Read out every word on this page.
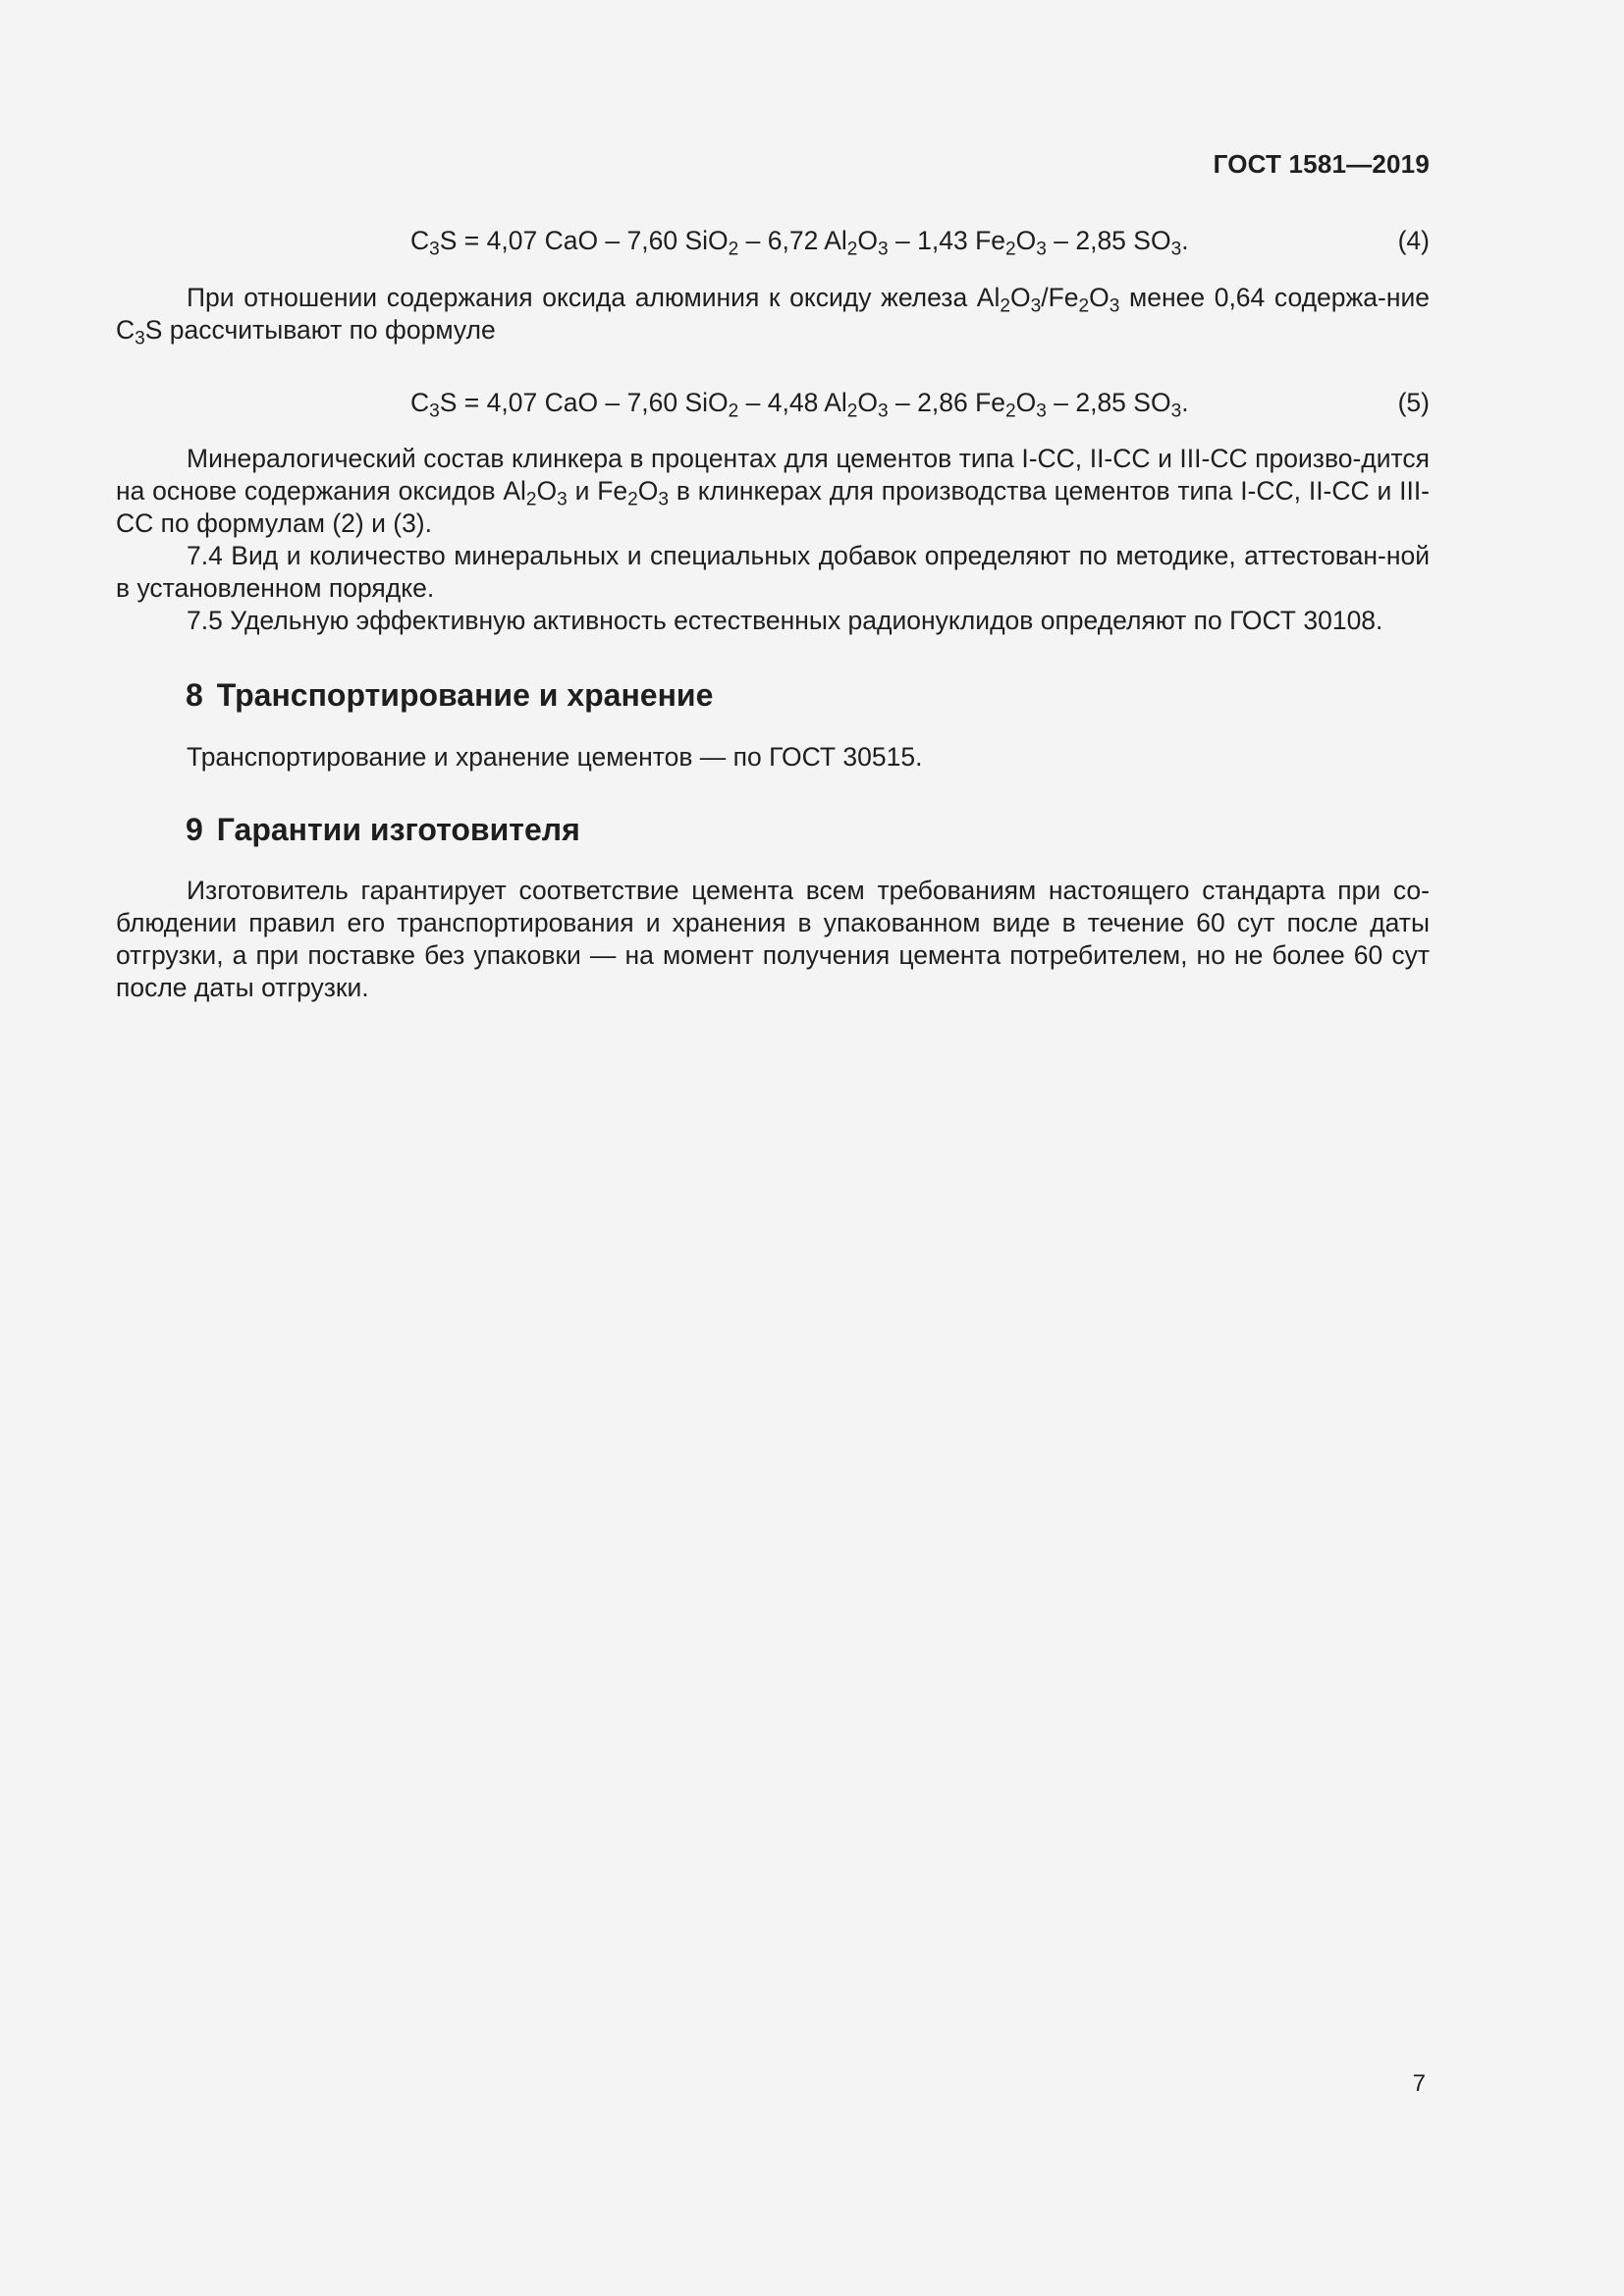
ГОСТ 1581—2019
$C_3S = 4,07$ CaO – 7,60 SiO$_2$ – 6,72 $Al_2O_3 - 1,43$ $Fe_2O_3 - 2,85$ $SO_3$.	(4)

При отношении содержания оксида алюминия к оксиду железа $Al_2O_3/Fe_2O_3$ менее 0,64 содержа-ние $C_3S$ рассчитывают по формуле

$C_3S = 4,07$ CaO – 7,60 SiO$_2$ – 4,48 $Al_2O_3 - 2,86$ $Fe_2O_3 - 2,85$ $SO_3$.	(5)

Минералогический состав клинкера в процентах для цементов типа I-CC, II-CC и III-CC произво-дится на основе содержания оксидов $Al_2O_3$ и $Fe_2O_3$ в клинкерах для производства цементов типа I-CC, II-CC и III-CC по формулам (2) и (3).

7.4 Вид и количество минеральных и специальных добавок определяют по методике, аттестован-ной в установленном порядке.

7.5 Удельную эффективную активность естественных радионуклидов определяют по ГОСТ 30108.

8 Транспортирование и хранение

Транспортирование и хранение цементов — по ГОСТ 30515.

9 Гарантии изготовителя

Изготовитель гарантирует соответствие цемента всем требованиям настоящего стандарта при со-блюдении правил его транспортирования и хранения в упакованном виде в течение 60 сут после даты отгрузки, а при поставке без упаковки — на момент получения цемента потребителем, но не более 60 сут после даты отгрузки.

7
